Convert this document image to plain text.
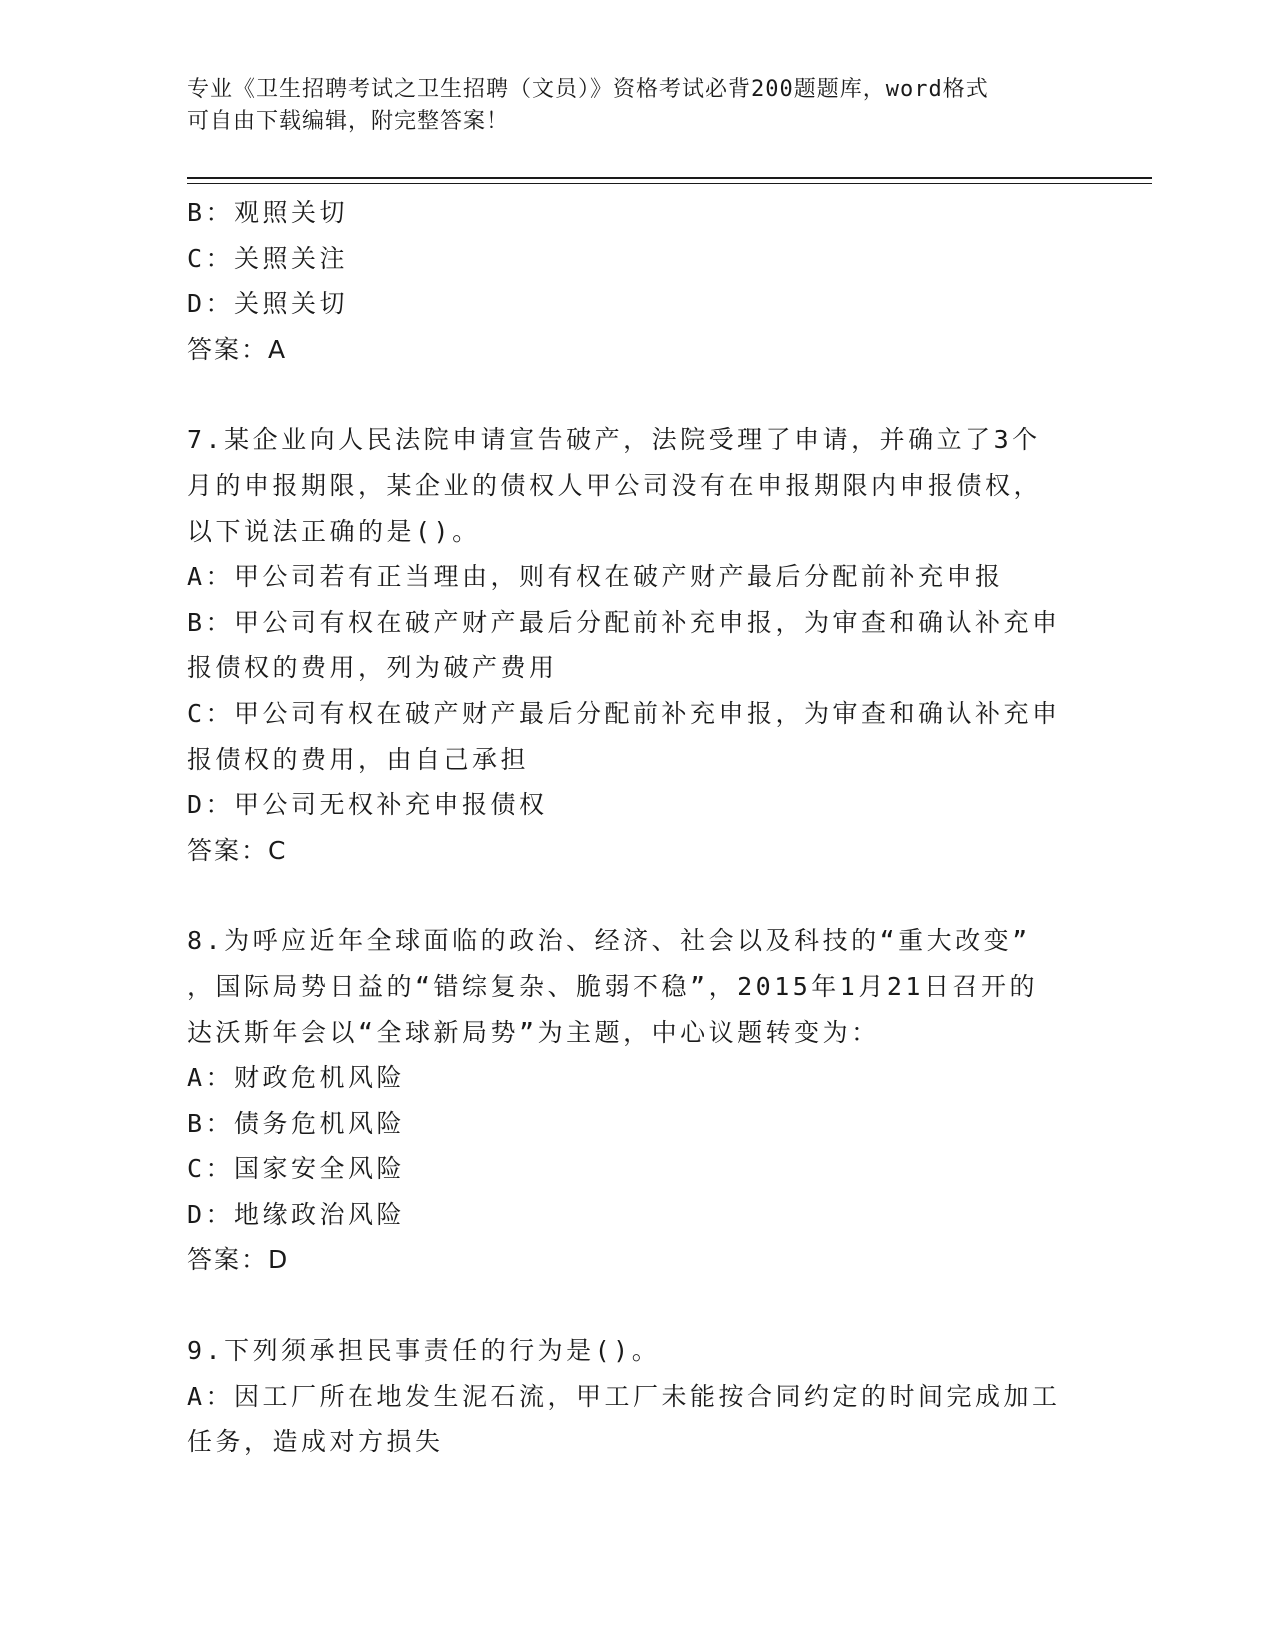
专业《卫生招聘考试之卫生招聘（文员）》资格考试必背200题题库，word格式
可自由下载编辑，附完整答案！
B：观照关切
C：关照关注
D：关照关切
答案：A
7.某企业向人民法院申请宣告破产，法院受理了申请，并确立了3个
月的申报期限，某企业的债权人甲公司没有在申报期限内申报债权，
以下说法正确的是()。
A：甲公司若有正当理由，则有权在破产财产最后分配前补充申报
B：甲公司有权在破产财产最后分配前补充申报，为审查和确认补充申
报债权的费用，列为破产费用
C：甲公司有权在破产财产最后分配前补充申报，为审查和确认补充申
报债权的费用，由自己承担
D：甲公司无权补充申报债权
答案：C
8.为呼应近年全球面临的政治、经济、社会以及科技的“重大改变”
，国际局势日益的“错综复杂、脆弱不稳”，2015年1月21日召开的
达沃斯年会以“全球新局势”为主题，中心议题转变为：
A：财政危机风险
B：债务危机风险
C：国家安全风险
D：地缘政治风险
答案：D
9.下列须承担民事责任的行为是()。
A：因工厂所在地发生泥石流，甲工厂未能按合同约定的时间完成加工
任务，造成对方损失
